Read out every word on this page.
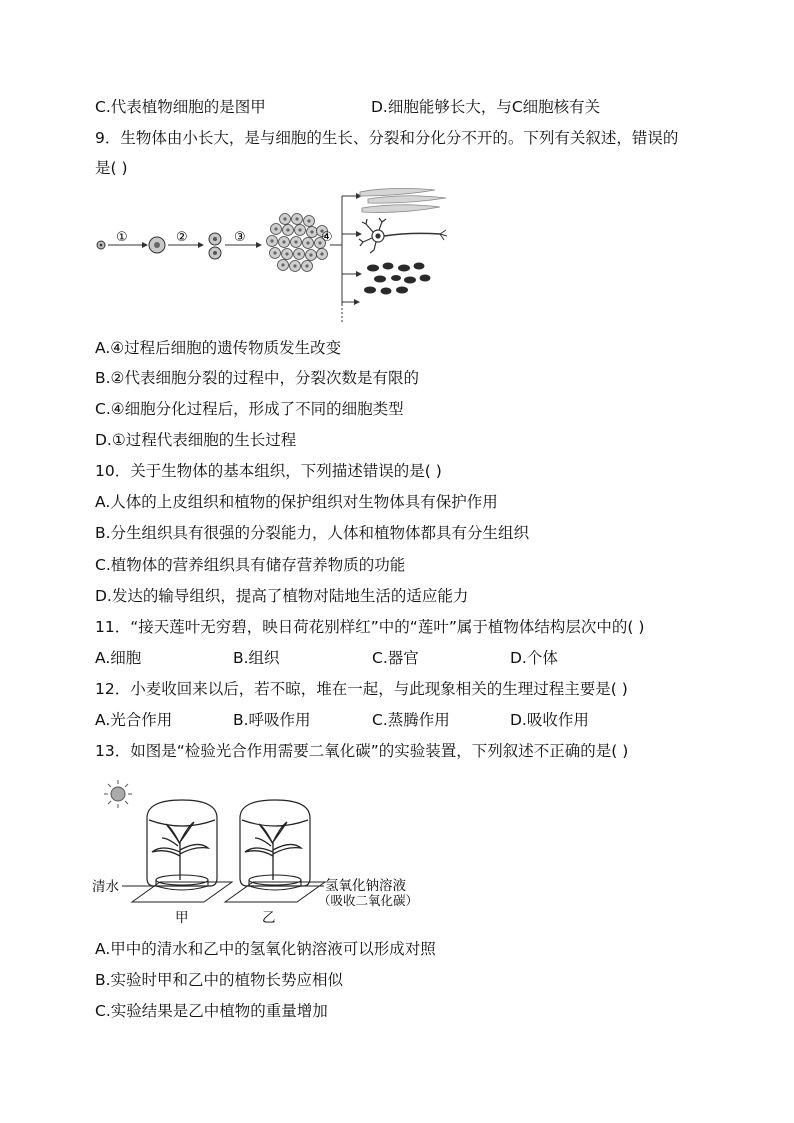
C.代表植物细胞的是图甲	D.细胞能够长大，与C细胞核有关
9．生物体由小长大，是与细胞的生长、分裂和分化分不开的。下列有关叙述，错误的
是( )
①	②	③	④
A.④过程后细胞的遗传物质发生改变
B.②代表细胞分裂的过程中，分裂次数是有限的
C.④细胞分化过程后，形成了不同的细胞类型
D.①过程代表细胞的生长过程
10．关于生物体的基本组织，下列描述错误的是( )
A.人体的上皮组织和植物的保护组织对生物体具有保护作用
B.分生组织具有很强的分裂能力，人体和植物体都具有分生组织
C.植物体的营养组织具有储存营养物质的功能
D.发达的输导组织，提高了植物对陆地生活的适应能力
11．“接天莲叶无穷碧，映日荷花别样红”中的“莲叶”属于植物体结构层次中的( )
A.细胞	B.组织	C.器官	D.个体
12．小麦收回来以后，若不晾，堆在一起，与此现象相关的生理过程主要是( )
A.光合作用	B.呼吸作用	C.蒸腾作用	D.吸收作用
13．如图是“检验光合作用需要二氧化碳”的实验装置，下列叙述不正确的是( )
清水
甲
氢氧化钠溶液
（吸收二氧化碳）
乙
A.甲中的清水和乙中的氢氧化钠溶液可以形成对照
B.实验时甲和乙中的植物长势应相似
C.实验结果是乙中植物的重量增加
